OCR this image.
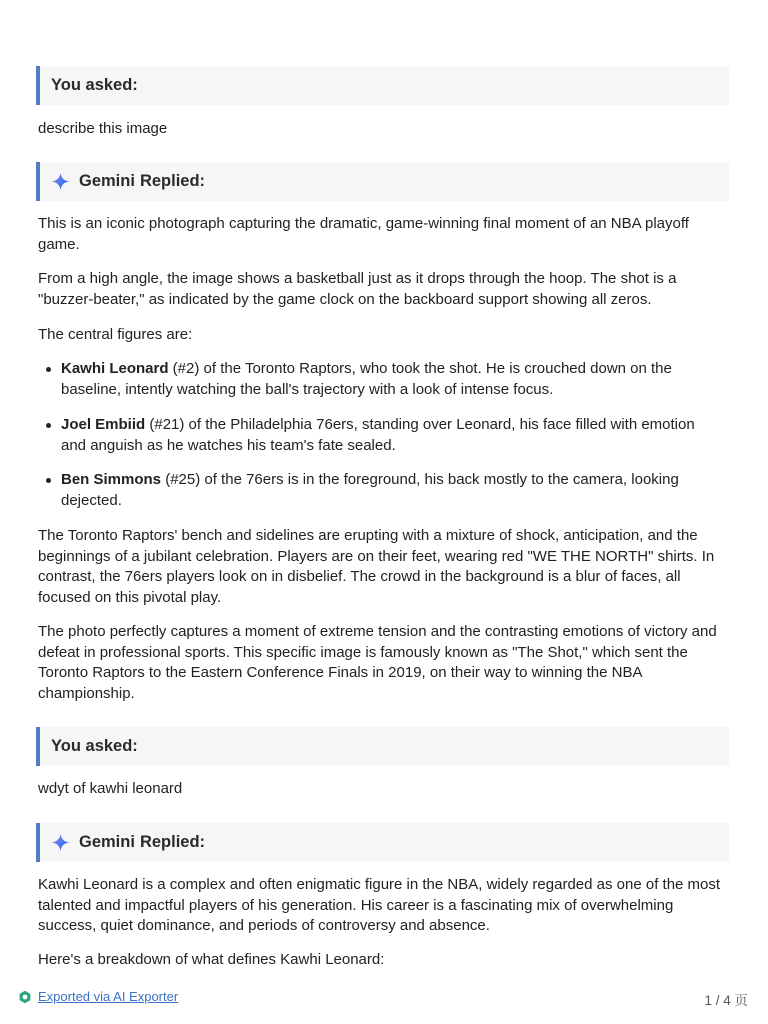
You asked:

describe this image

Gemini Replied:

This is an iconic photograph capturing the dramatic, game-winning final moment of an NBA playoff game.

From a high angle, the image shows a basketball just as it drops through the hoop. The shot is a "buzzer-beater," as indicated by the game clock on the backboard support showing all zeros.

The central figures are:

Kawhi Leonard (#2) of the Toronto Raptors, who took the shot. He is crouched down on the baseline, intently watching the ball's trajectory with a look of intense focus.
Joel Embiid (#21) of the Philadelphia 76ers, standing over Leonard, his face filled with emotion and anguish as he watches his team's fate sealed.
Ben Simmons (#25) of the 76ers is in the foreground, his back mostly to the camera, looking dejected.

The Toronto Raptors' bench and sidelines are erupting with a mixture of shock, anticipation, and the beginnings of a jubilant celebration. Players are on their feet, wearing red "WE THE NORTH" shirts. In contrast, the 76ers players look on in disbelief. The crowd in the background is a blur of faces, all focused on this pivotal play.

The photo perfectly captures a moment of extreme tension and the contrasting emotions of victory and defeat in professional sports. This specific image is famously known as "The Shot," which sent the Toronto Raptors to the Eastern Conference Finals in 2019, on their way to winning the NBA championship.

You asked:

wdyt of kawhi leonard

Gemini Replied:

Kawhi Leonard is a complex and often enigmatic figure in the NBA, widely regarded as one of the most talented and impactful players of his generation. His career is a fascinating mix of overwhelming success, quiet dominance, and periods of controversy and absence.

Here's a breakdown of what defines Kawhi Leonard:

Exported via AI Exporter	1 / 4 页
